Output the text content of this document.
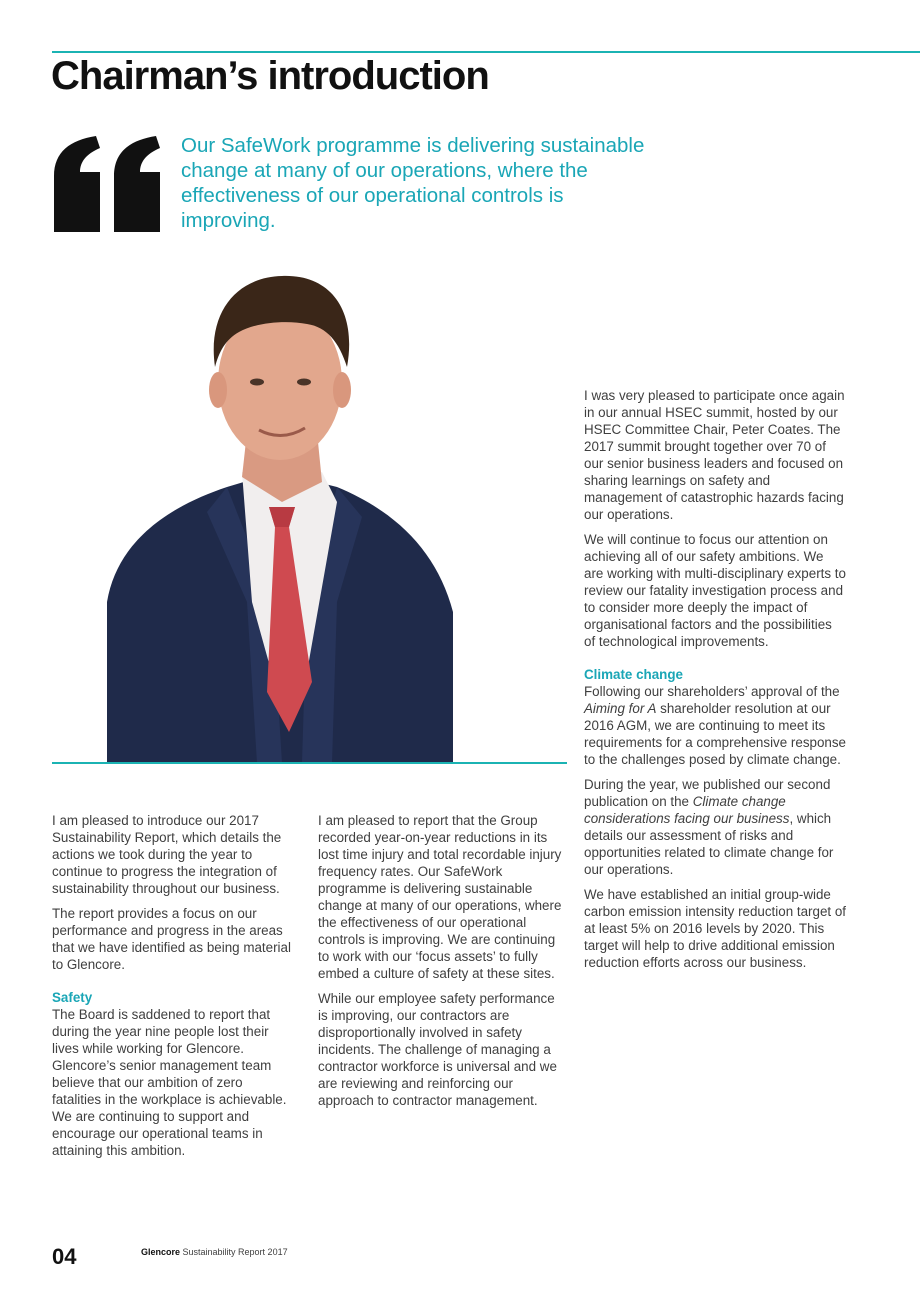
Chairman’s introduction

Our SafeWork programme is delivering sustainable change at many of our operations, where the effectiveness of our operational controls is improving.

I am pleased to introduce our 2017 Sustainability Report, which details the actions we took during the year to continue to progress the integration of sustainability throughout our business.

The report provides a focus on our performance and progress in the areas that we have identified as being material to Glencore.

Safety

The Board is saddened to report that during the year nine people lost their lives while working for Glencore. Glencore’s senior management team believe that our ambition of zero fatalities in the workplace is achievable. We are continuing to support and encourage our operational teams in attaining this ambition.

I am pleased to report that the Group recorded year-on-year reductions in its lost time injury and total recordable injury frequency rates. Our SafeWork programme is delivering sustainable change at many of our operations, where the effectiveness of our operational controls is improving. We are continuing to work with our ‘focus assets’ to fully embed a culture of safety at these sites.

While our employee safety performance is improving, our contractors are disproportionally involved in safety incidents. The challenge of managing a contractor workforce is universal and we are reviewing and reinforcing our approach to contractor management.

I was very pleased to participate once again in our annual HSEC summit, hosted by our HSEC Committee Chair, Peter Coates. The 2017 summit brought together over 70 of our senior business leaders and focused on sharing learnings on safety and management of catastrophic hazards facing our operations.

We will continue to focus our attention on achieving all of our safety ambitions. We are working with multi-disciplinary experts to review our fatality investigation process and to consider more deeply the impact of organisational factors and the possibilities of technological improvements.

Climate change

Following our shareholders’ approval of the Aiming for A shareholder resolution at our 2016 AGM, we are continuing to meet its requirements for a comprehensive response to the challenges posed by climate change.

During the year, we published our second publication on the Climate change considerations facing our business, which details our assessment of risks and opportunities related to climate change for our operations.

We have established an initial group-wide carbon emission intensity reduction target of at least 5% on 2016 levels by 2020. This target will help to drive additional emission reduction efforts across our business.

04	Glencore Sustainability Report 2017
